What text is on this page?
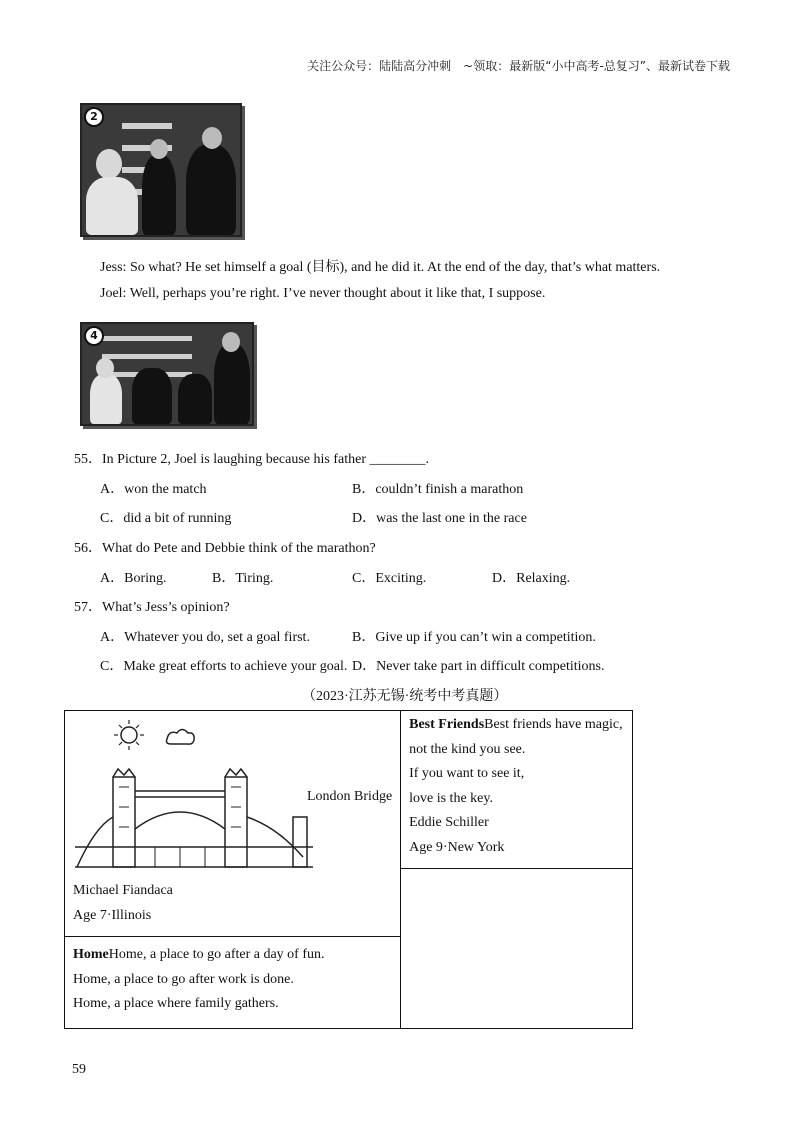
关注公众号：陆陆高分冲刺　~领取：最新版“小中高考-总复习”、最新试卷下载
2
Jess: So what? He set himself a goal (目标), and he did it. At the end of the day, that’s what matters.
Joel: Well, perhaps you’re right. I’ve never thought about it like that, I suppose.
4
55．In Picture 2, Joel is laughing because his father ________.
A．won the match	B．couldn’t finish a marathon
C．did a bit of running	D．was the last one in the race
56．What do Pete and Debbie think of the marathon?
A．Boring.	B．Tiring.	C．Exciting.	D．Relaxing.
57．What’s Jess’s opinion?
A．Whatever you do, set a goal first.	B．Give up if you can’t win a competition.
C．Make great efforts to achieve your goal. D．Never take part in difficult competitions.
（2023·江苏无锡·统考中考真题）
London Bridge
Michael Fiandaca
Age 7·Illinois

Best FriendsBest friends have magic,
not the kind you see.
If you want to see it,
love is the key.
Eddie Schiller
Age 9·New York

HomeHome, a place to go after a day of fun.
Home, a place to go after work is done.
Home, a place where family gathers.
59
